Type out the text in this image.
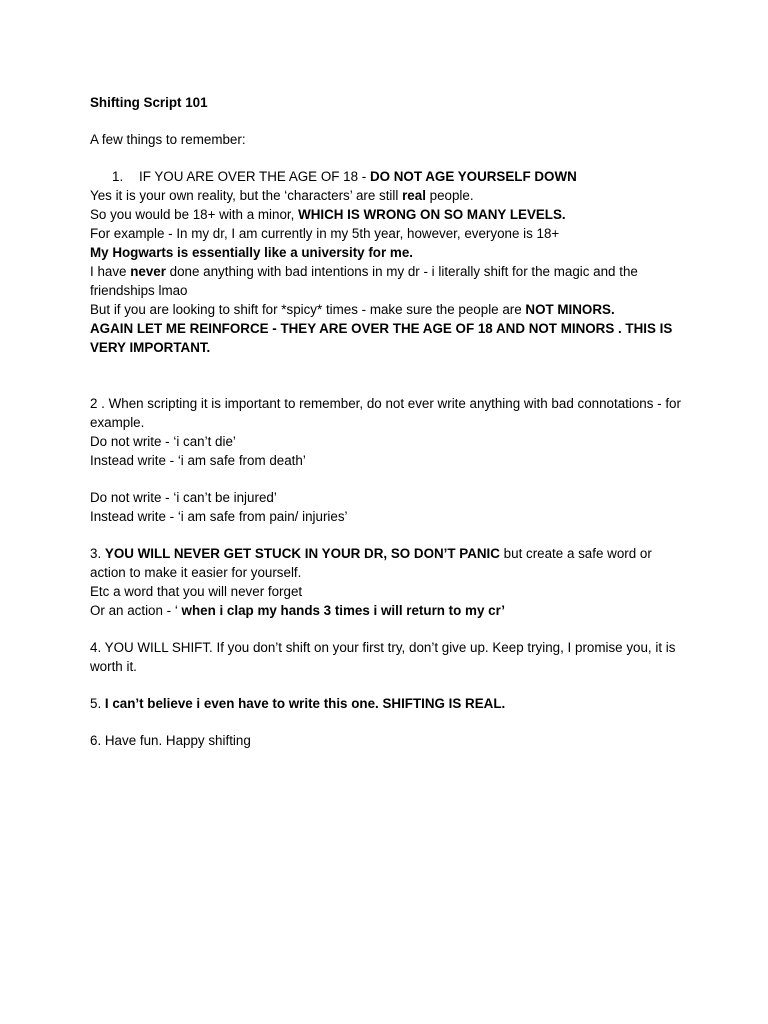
Shifting Script 101
A few things to remember:
1. IF YOU ARE OVER THE AGE OF 18 - DO NOT AGE YOURSELF DOWN
Yes it is your own reality, but the ‘characters’ are still real people.
So you would be 18+ with a minor, WHICH IS WRONG ON SO MANY LEVELS.
For example - In my dr, I am currently in my 5th year, however, everyone is 18+
My Hogwarts is essentially like a university for me.
I have never done anything with bad intentions in my dr - i literally shift for the magic and the friendships lmao
But if you are looking to shift for *spicy* times - make sure the people are NOT MINORS.
AGAIN LET ME REINFORCE - THEY ARE OVER THE AGE OF 18 AND NOT MINORS . THIS IS VERY IMPORTANT.
2 . When scripting it is important to remember, do not ever write anything with bad connotations - for example.
Do not write - ‘i can’t die’
Instead write - ‘i am safe from death’
Do not write - ‘i can’t be injured’
Instead write - ‘i am safe from pain/ injuries’
3. YOU WILL NEVER GET STUCK IN YOUR DR, SO DON’T PANIC but create a safe word or action to make it easier for yourself.
Etc a word that you will never forget
Or an action - ‘ when i clap my hands 3 times i will return to my cr’
4. YOU WILL SHIFT. If you don’t shift on your first try, don’t give up. Keep trying, I promise you, it is worth it.
5. I can’t believe i even have to write this one. SHIFTING IS REAL.
6. Have fun. Happy shifting
